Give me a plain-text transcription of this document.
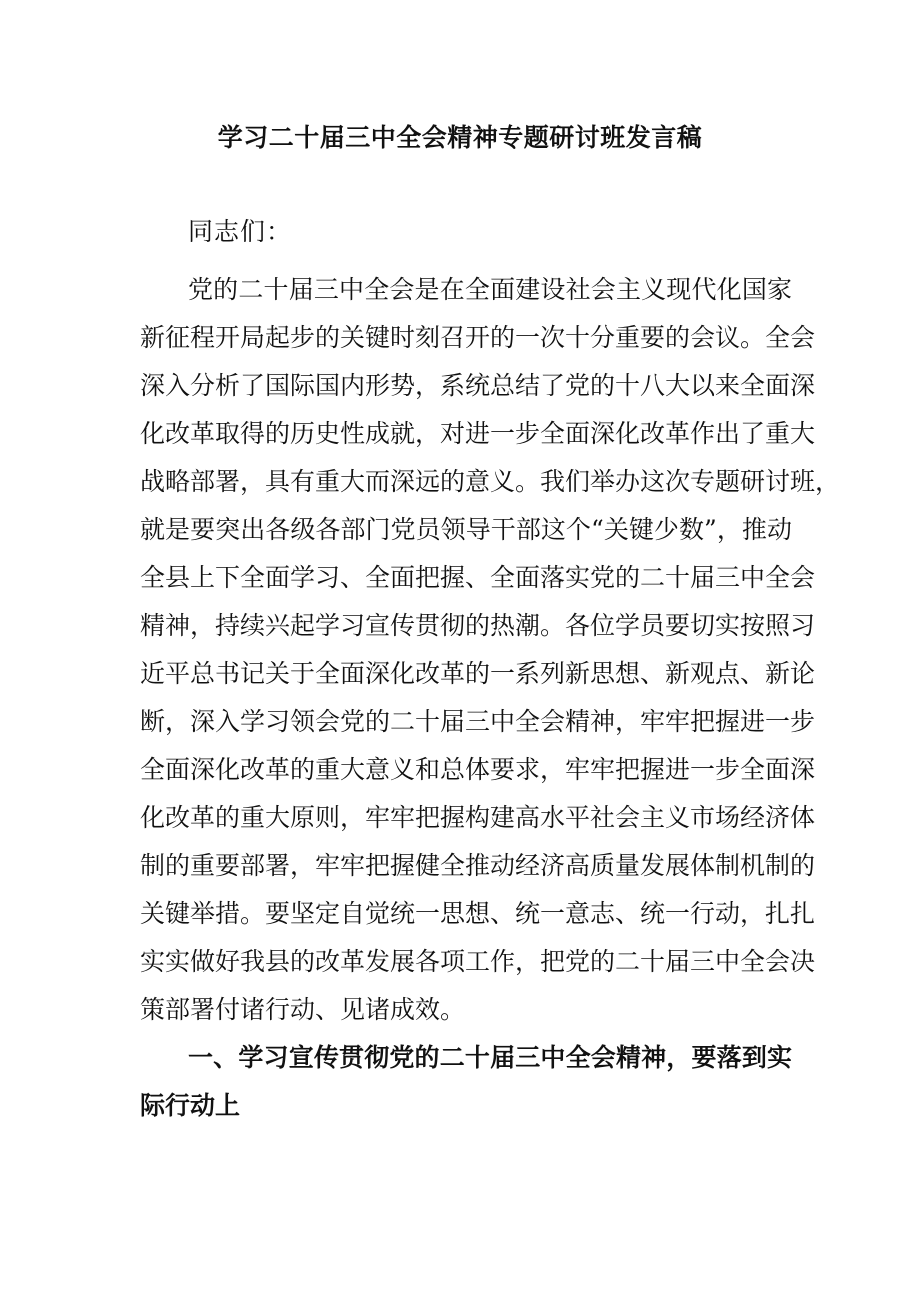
学习二十届三中全会精神专题研讨班发言稿

同志们：

党的二十届三中全会是在全面建设社会主义现代化国家
新征程开局起步的关键时刻召开的一次十分重要的会议。全会
深入分析了国际国内形势，系统总结了党的十八大以来全面深
化改革取得的历史性成就，对进一步全面深化改革作出了重大
战略部署，具有重大而深远的意义。我们举办这次专题研讨班，
就是要突出各级各部门党员领导干部这个“关键少数”，推动
全县上下全面学习、全面把握、全面落实党的二十届三中全会
精神，持续兴起学习宣传贯彻的热潮。各位学员要切实按照习
近平总书记关于全面深化改革的一系列新思想、新观点、新论
断，深入学习领会党的二十届三中全会精神，牢牢把握进一步
全面深化改革的重大意义和总体要求，牢牢把握进一步全面深
化改革的重大原则，牢牢把握构建高水平社会主义市场经济体
制的重要部署，牢牢把握健全推动经济高质量发展体制机制的
关键举措。要坚定自觉统一思想、统一意志、统一行动，扎扎
实实做好我县的改革发展各项工作，把党的二十届三中全会决
策部署付诸行动、见诸成效。
一、学习宣传贯彻党的二十届三中全会精神，要落到实
际行动上
